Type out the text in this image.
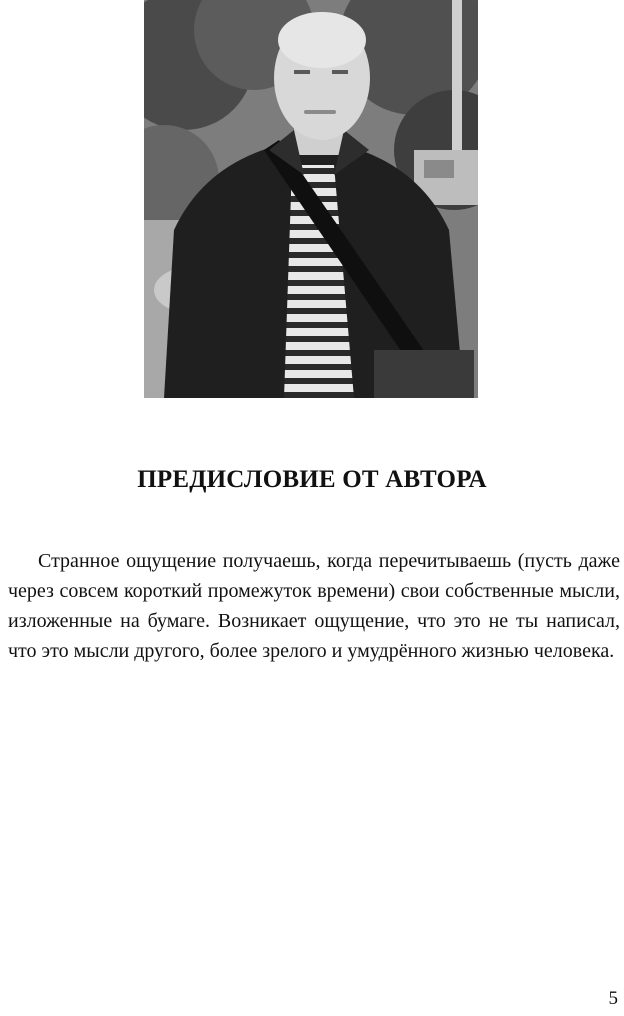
ПРЕДИСЛОВИЕ ОТ АВТОРА

Странное ощущение получаешь, когда перечитываешь (пусть даже через совсем короткий промежуток времени) свои собственные мысли, изложенные на бумаге. Возникает ощущение, что это не ты написал, что это мысли другого, более зрелого и умудрённого жизнью человека.

5
